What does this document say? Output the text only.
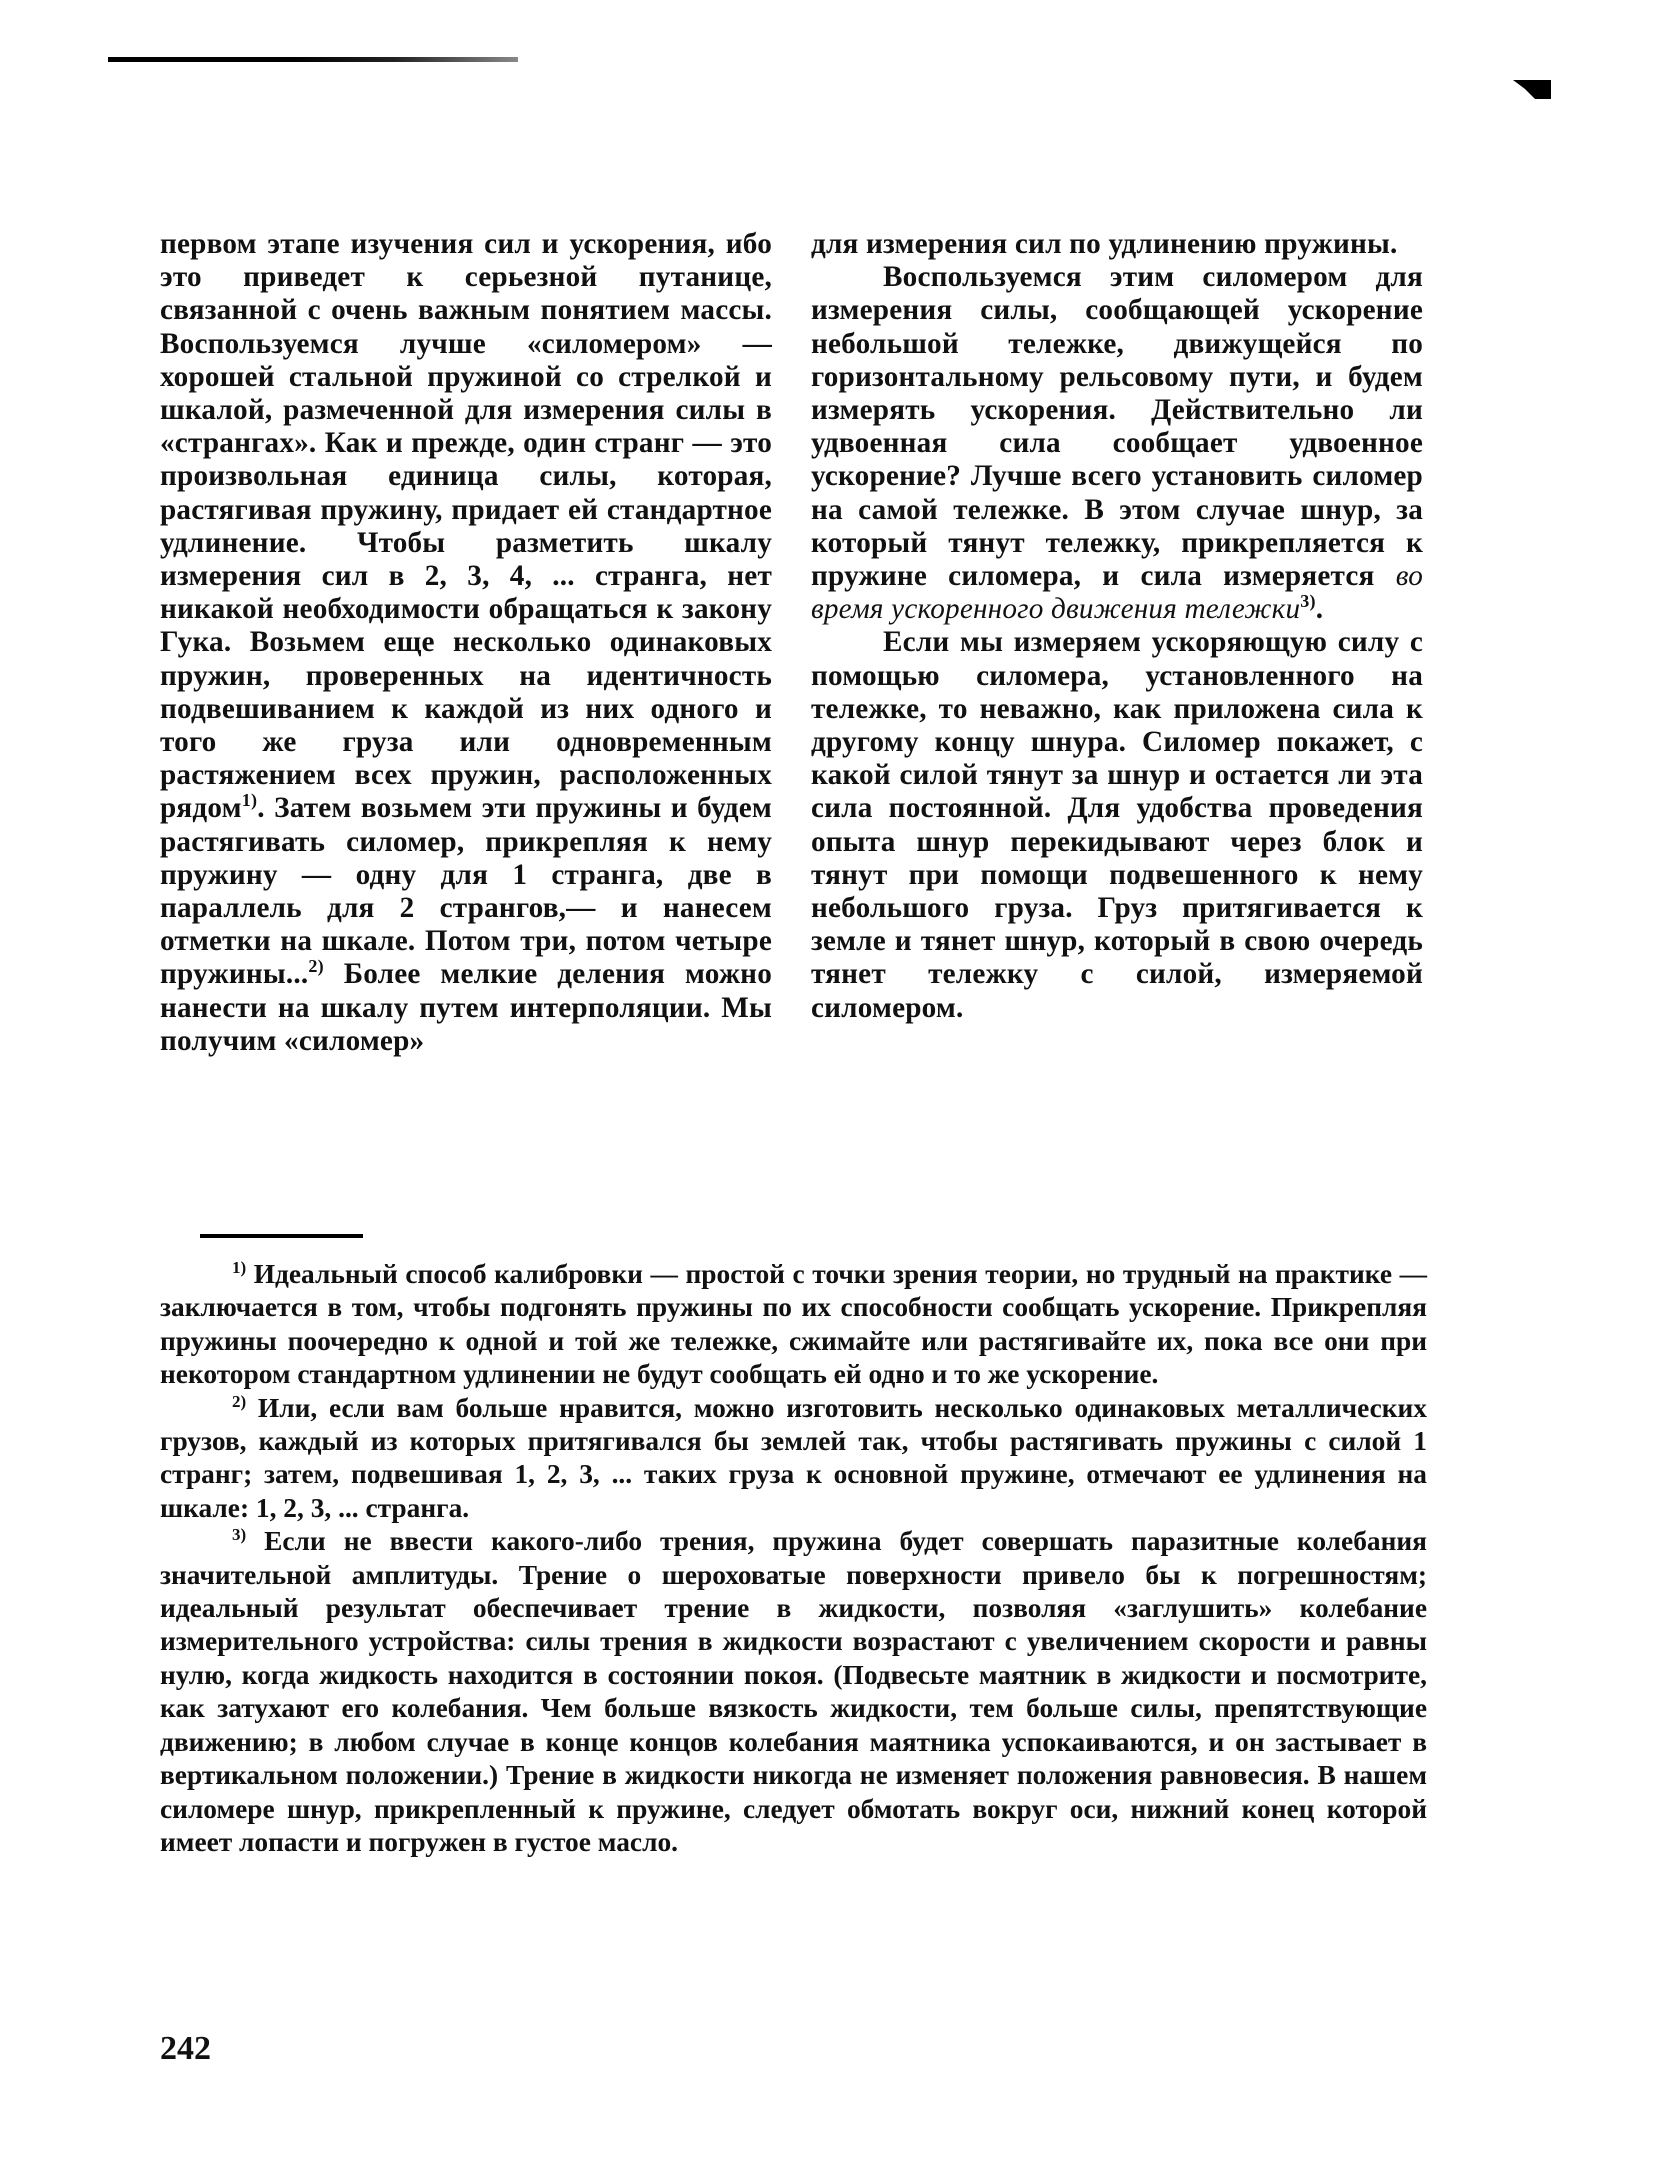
первом этапе изучения сил и ускорения, ибо это приведет к серьезной путанице, связанной с очень важным понятием массы. Воспользуемся лучше «силомером» — хорошей стальной пружиной со стрелкой и шкалой, размеченной для измерения силы в «странгах». Как и прежде, один странг — это произвольная единица силы, которая, растягивая пружину, придает ей стандартное удлинение. Чтобы разметить шкалу измерения сил в 2, 3, 4, ... странга, нет никакой необходимости обращаться к закону Гука. Возьмем еще несколько одинаковых пружин, проверенных на идентичность подвешиванием к каждой из них одного и того же груза или одновременным растяжением всех пружин, расположенных рядом$^{1)}$. Затем возьмем эти пружины и будем растягивать силомер, прикрепляя к нему пружину — одну для 1 странга, две в параллель для 2 странгов,— и нанесем отметки на шкале. Потом три, потом четыре пружины...$^{2)}$ Более мелкие деления можно нанести на шкалу путем интерполяции. Мы получим «силомер»

для измерения сил по удлинению пружины.

Воспользуемся этим силомером для измерения силы, сообщающей ускорение небольшой тележке, движущейся по горизонтальному рельсовому пути, и будем измерять ускорения. Действительно ли удвоенная сила сообщает удвоенное ускорение? Лучше всего установить силомер на самой тележке. В этом случае шнур, за который тянут тележку, прикрепляется к пружине силомера, и сила измеряется во время ускоренного движения тележки$^{3)}$.

Если мы измеряем ускоряющую силу с помощью силомера, установленного на тележке, то неважно, как приложена сила к другому концу шнура. Силомер покажет, с какой силой тянут за шнур и остается ли эта сила постоянной. Для удобства проведения опыта шнур перекидывают через блок и тянут при помощи подвешенного к нему небольшого груза. Груз притягивается к земле и тянет шнур, который в свою очередь тянет тележку с силой, измеряемой силомером.

$^{1)}$ Идеальный способ калибровки — простой с точки зрения теории, но трудный на практике — заключается в том, чтобы подгонять пружины по их способности сообщать ускорение. Прикрепляя пружины поочередно к одной и той же тележке, сжимайте или растягивайте их, пока все они при некотором стандартном удлинении не будут сообщать ей одно и то же ускорение.

$^{2)}$ Или, если вам больше нравится, можно изготовить несколько одинаковых металлических грузов, каждый из которых притягивался бы землей так, чтобы растягивать пружины с силой 1 странг; затем, подвешивая 1, 2, 3, ... таких груза к основной пружине, отмечают ее удлинения на шкале: 1, 2, 3, ... странга.

$^{3)}$ Если не ввести какого-либо трения, пружина будет совершать паразитные колебания значительной амплитуды. Трение о шероховатые поверхности привело бы к погрешностям; идеальный результат обеспечивает трение в жидкости, позволяя «заглушить» колебание измерительного устройства: силы трения в жидкости возрастают с увеличением скорости и равны нулю, когда жидкость находится в состоянии покоя. (Подвесьте маятник в жидкости и посмотрите, как затухают его колебания. Чем больше вязкость жидкости, тем больше силы, препятствующие движению; в любом случае в конце концов колебания маятника успокаиваются, и он застывает в вертикальном положении.) Трение в жидкости никогда не изменяет положения равновесия. В нашем силомере шнур, прикрепленный к пружине, следует обмотать вокруг оси, нижний конец которой имеет лопасти и погружен в густое масло.

242
